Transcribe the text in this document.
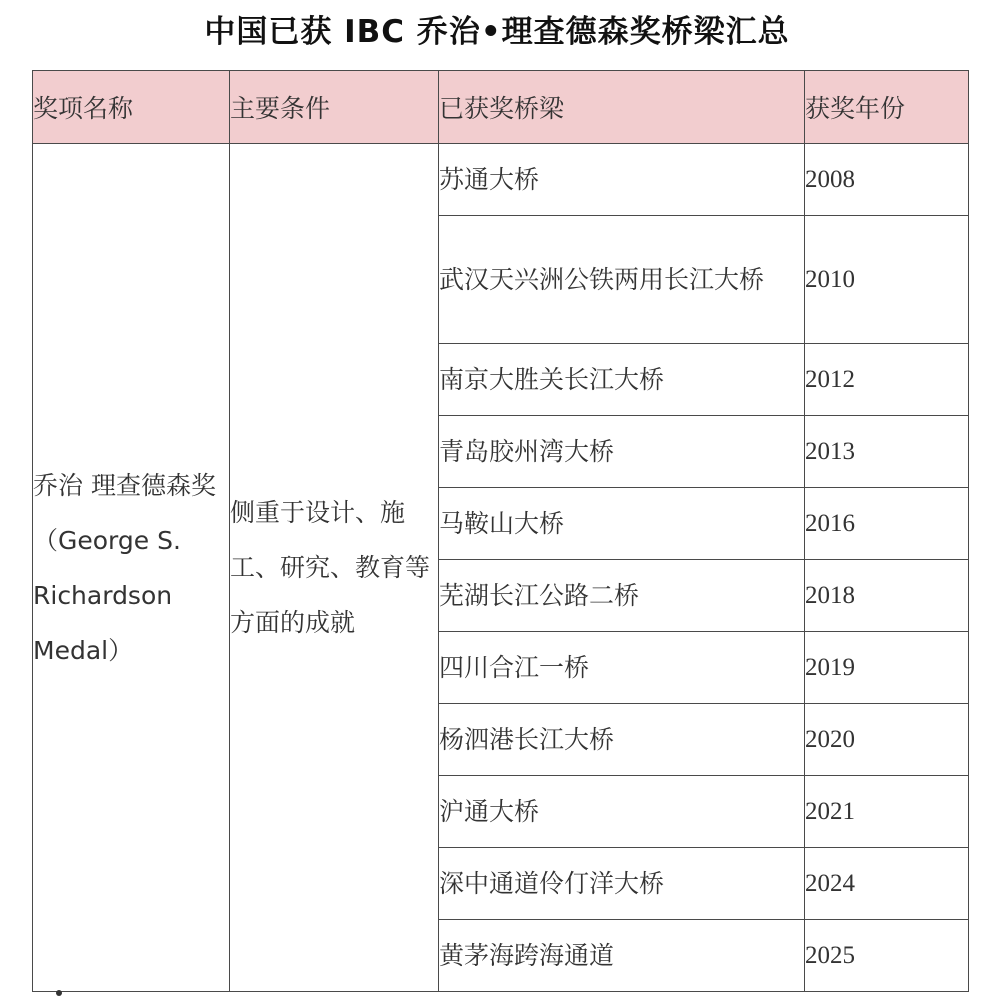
中国已获 IBC 乔治•理查德森奖桥梁汇总
奖项名称	主要条件	已获奖桥梁	获奖年份
乔治 理查德森奖（George S. Richardson Medal）	侧重于设计、施工、研究、教育等方面的成就	苏通大桥	2008
		武汉天兴洲公铁两用长江大桥	2010
		南京大胜关长江大桥	2012
		青岛胶州湾大桥	2013
		马鞍山大桥	2016
		芜湖长江公路二桥	2018
		四川合江一桥	2019
		杨泗港长江大桥	2020
		沪通大桥	2021
		深中通道伶仃洋大桥	2024
		黄茅海跨海通道	2025
